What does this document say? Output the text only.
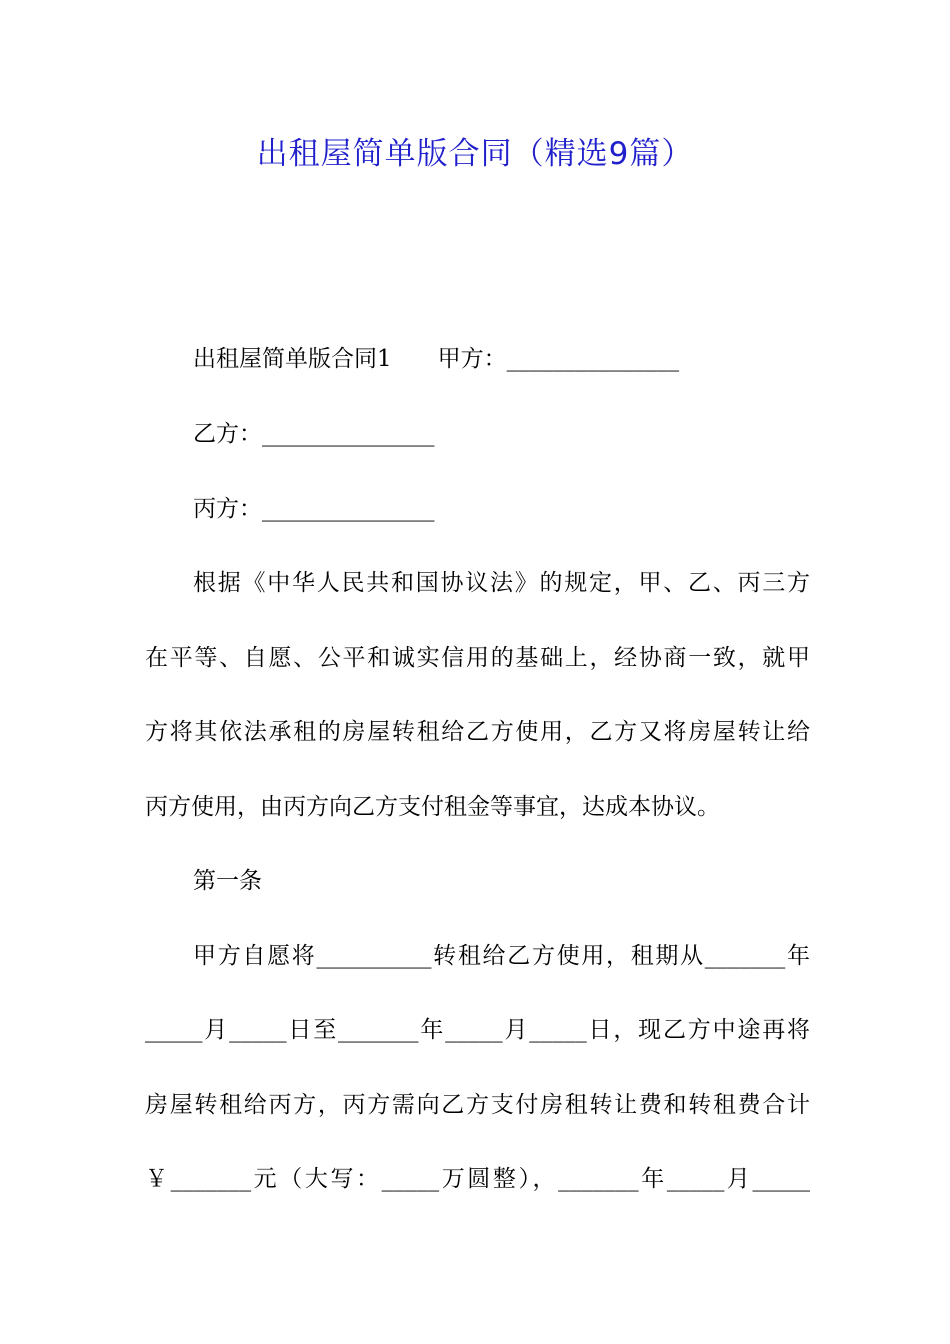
出租屋简单版合同（精选9篇）
出租屋简单版合同1　　甲方：_______________
乙方：_______________
丙方：_______________
根据《中华人民共和国协议法》的规定，甲、乙、丙三方
在平等、自愿、公平和诚实信用的基础上，经协商一致，就甲
方将其依法承租的房屋转租给乙方使用，乙方又将房屋转让给
丙方使用，由丙方向乙方支付租金等事宜，达成本协议。
第一条
甲方自愿将__________转租给乙方使用，租期从_______年
_____月_____日至_______年_____月_____日，现乙方中途再将
房屋转租给丙方，丙方需向乙方支付房租转让费和转租费合计
￥_______元（大写：_____万圆整），_______年_____月_____
